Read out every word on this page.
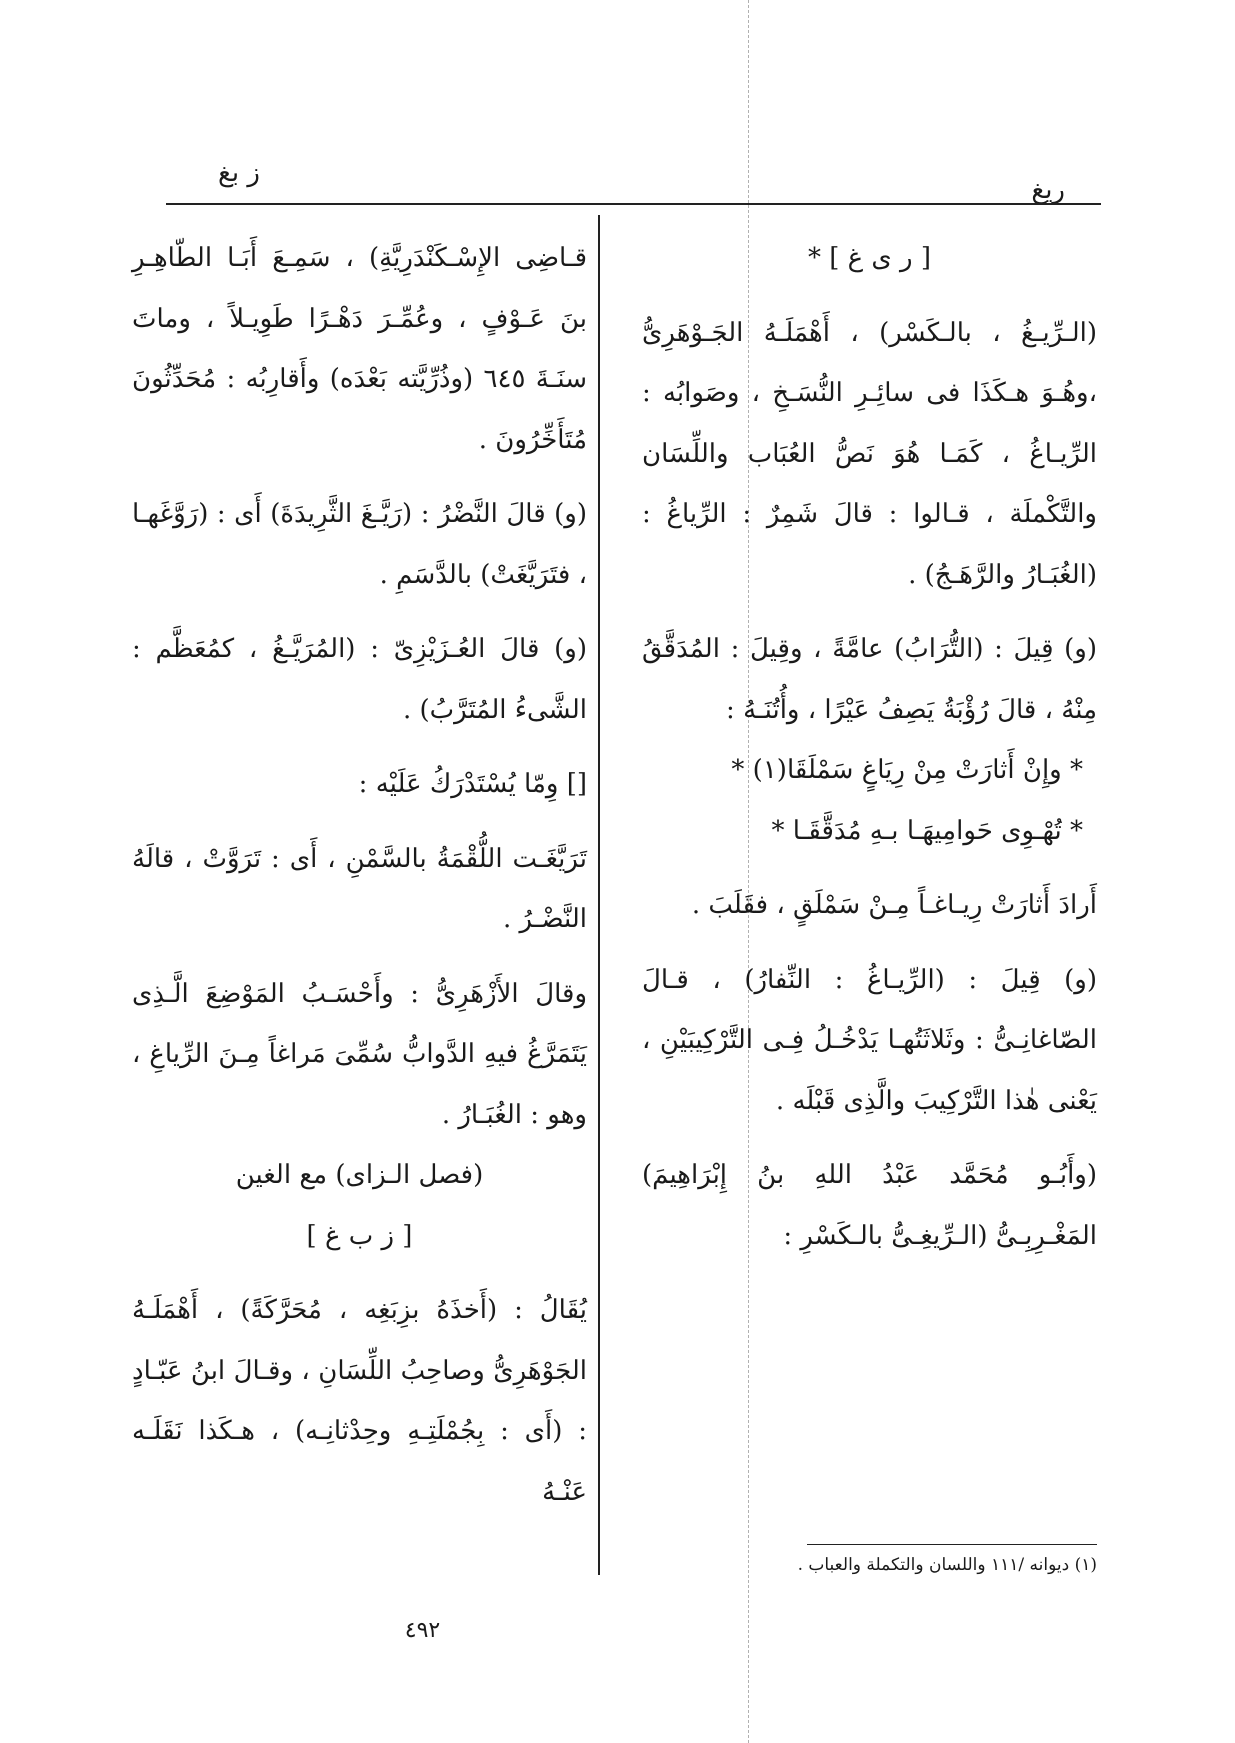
ريغ
ز بغ

[ ر ى غ ] *

(الـرِّيـغُ ، بالـكَسْر) ، أَهْمَلَـهُ الجَـوْهَرِىُّ ،وهُـوَ هـكَذَا فى سائِـرِ النُّسَـخِ ، وصَوابُه : الرِّيـاغُ ، كَمَـا هُوَ نَصُّ العُبَاب واللِّسَان والتَّكْملَة ، قـالوا : قالَ شَمِرٌ : الرِّياغُ : (الغُبَـارُ والرَّهَـجُ) .

(و) قِيلَ : (التُّرَابُ) عامَّةً ، وقِيلَ : المُدَقَّقُ مِنْهُ ، قالَ رُؤْبَةُ يَصِفُ عَيْرًا ، وأُتُنَـهُ :

* وإِنْ أَثارَتْ مِنْ رِيَاغٍ سَمْلَقَا(١) *

* تُهْـوِى حَوامِيهَـا بـهِ مُدَقَّقَـا *

أَرادَ أَثارَتْ رِيـاغـاً مِـنْ سَمْلَقٍ ، فقَلَبَ .

(و) قِيلَ : (الرِّيـاغُ : النِّفارُ) ، قـالَ الصّاغانِـىُّ : وثَلاثَتُهـا يَدْخُـلُ فِـى التَّرْكِيبَيْنِ ، يَعْنى هٰذا التَّرْكِيبَ والَّذِى قَبْلَه .

(وأَبُـو مُحَمَّد عَبْدُ اللهِ بنُ إِبْرَاهِيمَ) المَغْـرِبِـىُّ (الـرِّيغِـىُّ بالـكَسْرِ :

قـاضِى الإِسْـكَنْدَرِيَّةِ) ، سَمِـعَ أَبَـا الطّاهِـرِ بنَ عَـوْفٍ ، وعُمِّـرَ دَهْـرًا طَوِيـلاً ، وماتَ سنَـةَ ٦٤٥ (وذُرِّيَّته بَعْدَه) وأَقارِبُه : مُحَدِّثُونَ مُتَأَخِّرُونَ .

(و) قالَ النَّضْرُ : (رَيَّـغَ الثَّرِيدَةَ) أَى : (رَوَّغَهـا ، فتَرَيَّغَتْ) بالدَّسَمِ .

(و) قالَ العُـزَيْزِىّ : (المُرَيَّـغُ ، كمُعَظَّم : الشَّىءُ المُتَرَّبُ) .

[] وِمّا يُسْتَدْرَكُ عَلَيْه :

تَرَيَّغَـت اللُّقْمَةُ بالسَّمْنِ ، أَى : تَرَوَّتْ ، قالَهُ النَّضْـرُ .

وقالَ الأَزْهَرِىُّ : وأَحْسَـبُ المَوْضِعَ الَّـذِى يَتَمَرَّغُ فيهِ الدَّوابُّ سُمِّىَ مَراغاً مِـنَ الرِّياغِ ، وهو : الغُبَـارُ .

(فصل الـزاى) مع الغين

[ ز ب غ ]

يُقَالُ : (أَخذَهُ بزِبَغِه ، مُحَرَّكَةً) ، أَهْمَلَـهُ الجَوْهَرِىُّ وصاحِبُ اللِّسَانِ ، وقـالَ ابنُ عَبّـادٍ : (أَى : بِجُمْلَتِـهِ وحِدْثانِـه) ، هـكَذا نَقَلَـه عَنْـهُ

(١) ديوانه /١١١ واللسان والتكملة والعباب .
٤٩٢
